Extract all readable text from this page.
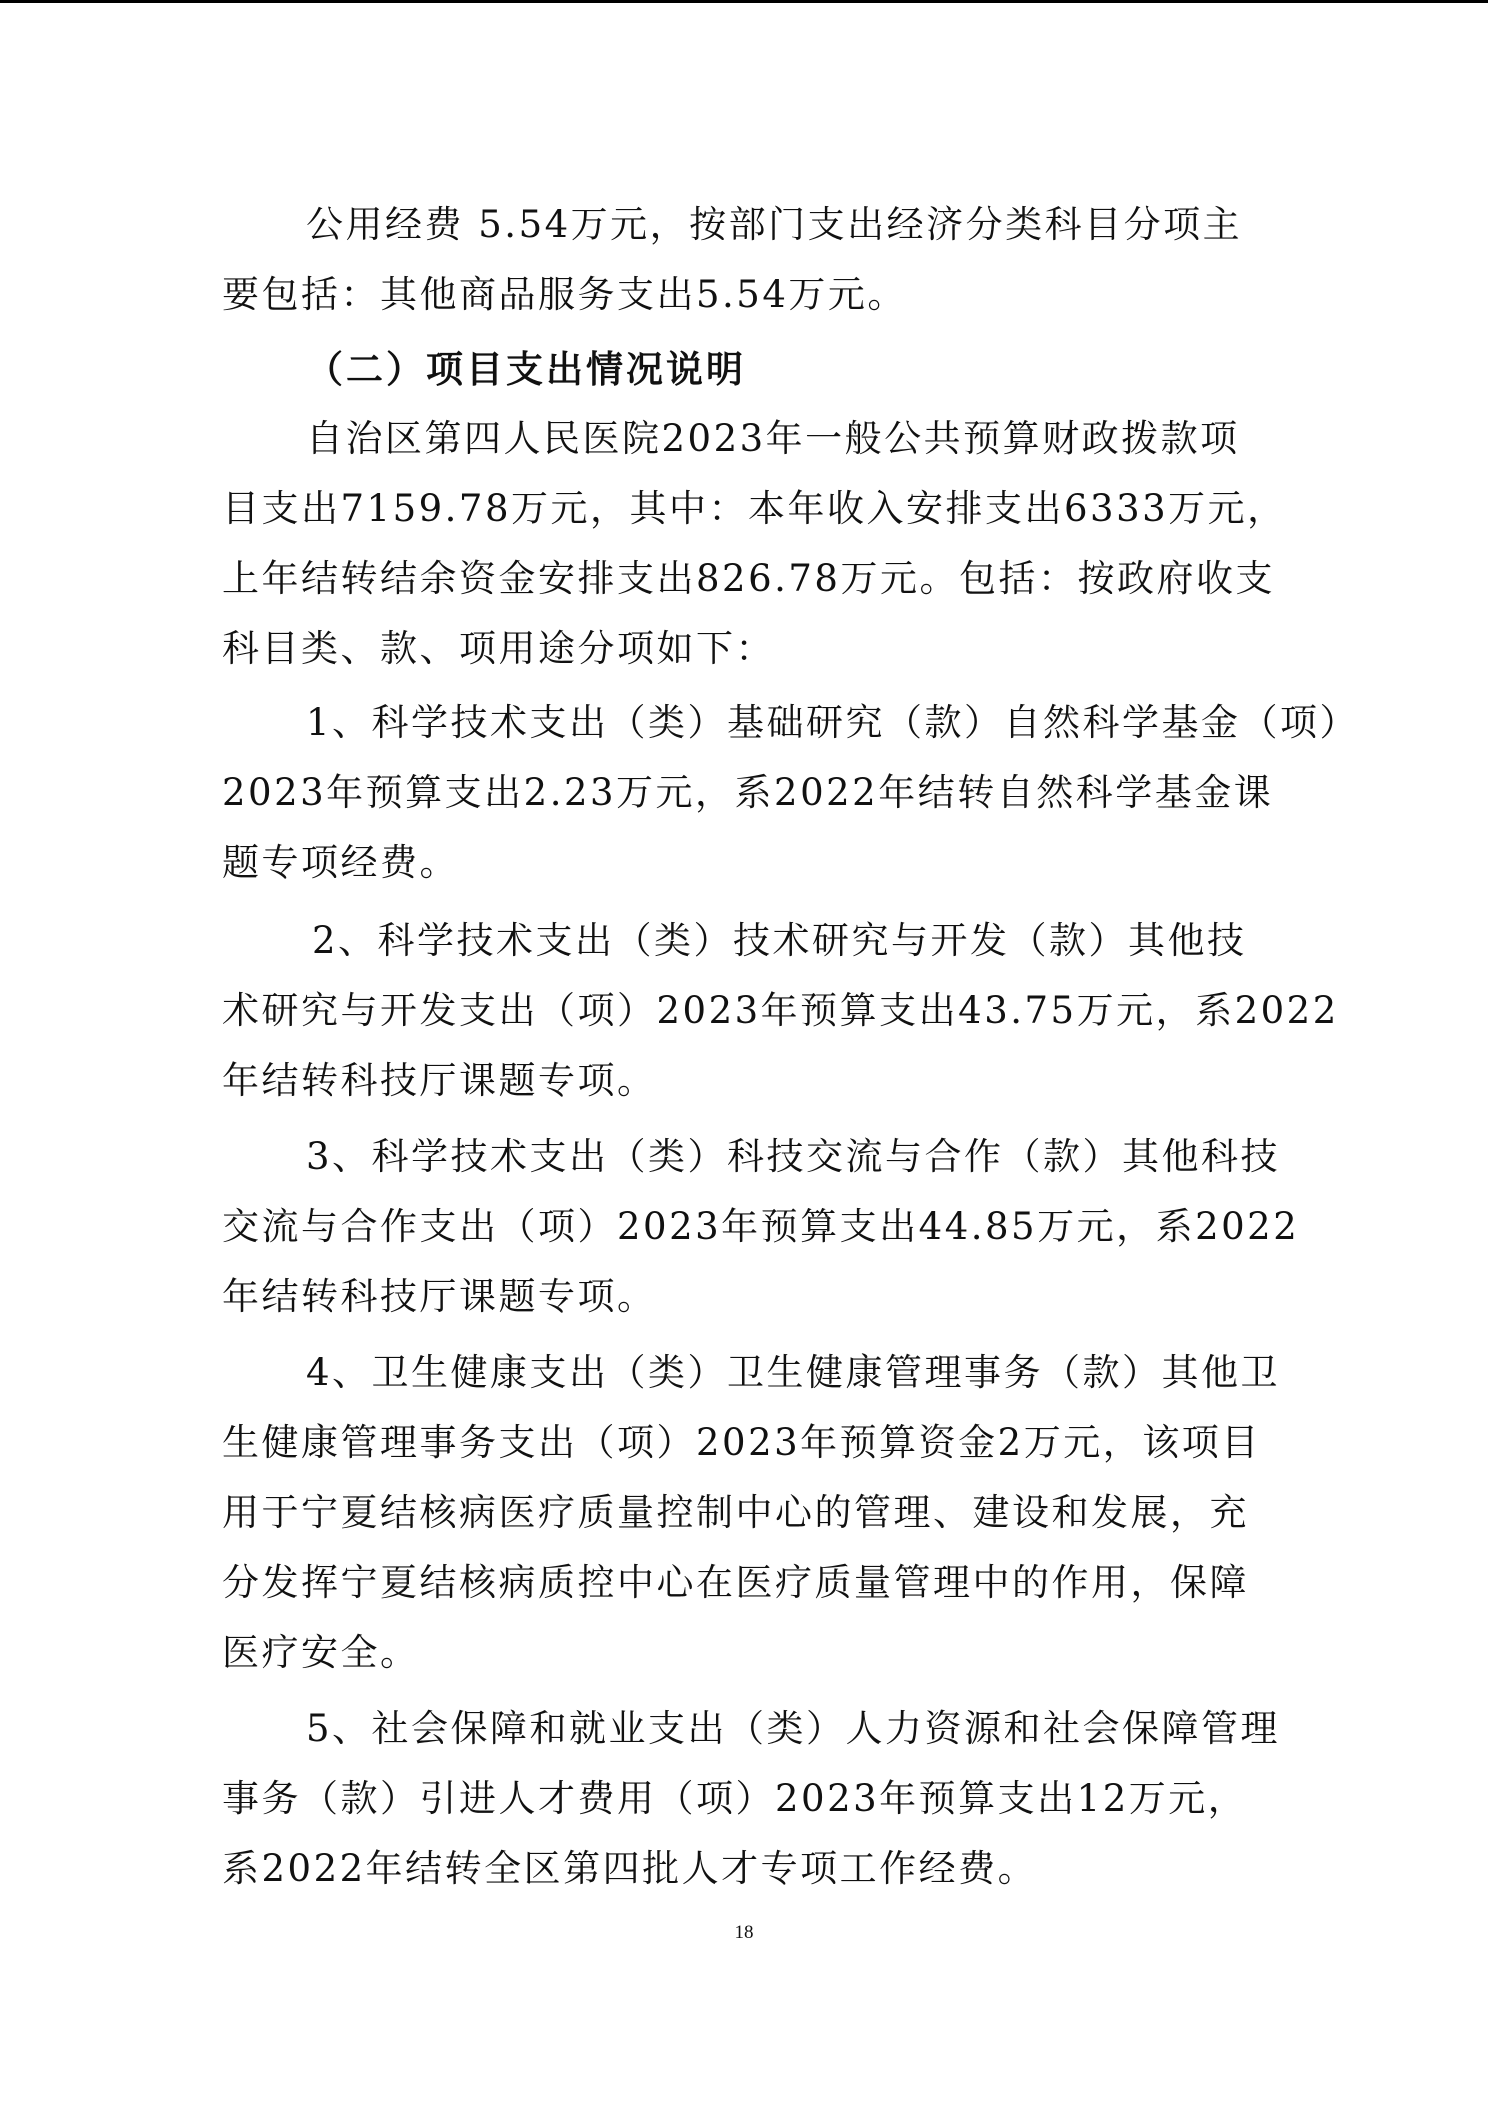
公用经费 5.54万元，按部门支出经济分类科目分项主
要包括：其他商品服务支出5.54万元。
（二）项目支出情况说明
自治区第四人民医院2023年一般公共预算财政拨款项
目支出7159.78万元，其中：本年收入安排支出6333万元，
上年结转结余资金安排支出826.78万元。包括：按政府收支
科目类、款、项用途分项如下：
1、科学技术支出（类）基础研究（款）自然科学基金（项）
2023年预算支出2.23万元，系2022年结转自然科学基金课
题专项经费。
2、科学技术支出（类）技术研究与开发（款）其他技
术研究与开发支出（项）2023年预算支出43.75万元，系2022
年结转科技厅课题专项。
3、科学技术支出（类）科技交流与合作（款）其他科技
交流与合作支出（项）2023年预算支出44.85万元，系2022
年结转科技厅课题专项。
4、卫生健康支出（类）卫生健康管理事务（款）其他卫
生健康管理事务支出（项）2023年预算资金2万元，该项目
用于宁夏结核病医疗质量控制中心的管理、建设和发展，充
分发挥宁夏结核病质控中心在医疗质量管理中的作用，保障
医疗安全。
5、社会保障和就业支出（类）人力资源和社会保障管理
事务（款）引进人才费用（项）2023年预算支出12万元，
系2022年结转全区第四批人才专项工作经费。
18
